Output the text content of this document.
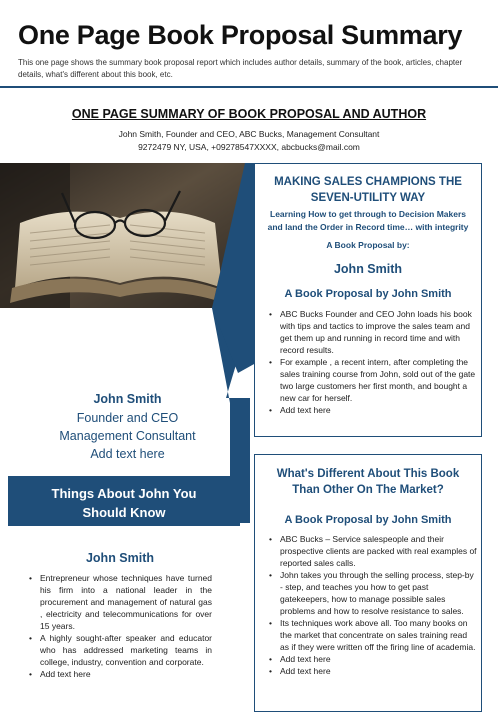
One Page Book Proposal Summary
This one page shows the summary book proposal report which includes author details, summary of the book, articles, chapter details, what's different about this book, etc.
ONE PAGE SUMMARY OF BOOK PROPOSAL AND AUTHOR
John Smith, Founder and CEO, ABC Bucks, Management Consultant
9272479 NY, USA, +09278547XXXX, abcbucks@mail.com
John Smith
Founder and CEO
Management Consultant
Add text here
Things About John You
Should Know
John Smith
• Entrepreneur whose techniques have turned his firm into a national leader in the procurement and management of natural gas , electricity and telecommunications for over 15 years.
• A highly sought-after speaker and educator who has addressed marketing teams in college, industry, convention and corporate.
• Add text here
MAKING SALES CHAMPIONS THE
SEVEN-UTILITY WAY
Learning How to get through to Decision Makers
and land the Order in Record time… with integrity
A Book Proposal by:
John Smith
A Book Proposal by John Smith
• ABC Bucks Founder and CEO John loads his book with tips and tactics to improve the sales team and get them up and running in record time and with record results.
• For example , a recent intern, after completing the sales training course from John, sold out of the gate two large customers her first month, and bought a new car for herself.
• Add text here
What's Different About This Book
Than Other On The Market?
A Book Proposal by John Smith
• ABC Bucks – Service salespeople and their prospective clients are packed with real examples of reported sales calls.
• John takes you through the selling process, step-by - step, and teaches you how to get past gatekeepers, how to manage possible sales problems and how to resolve resistance to sales.
• Its techniques work above all. Too many books on the market that concentrate on sales training read as if they were written off the firing line of academia.
• Add text here
• Add text here
